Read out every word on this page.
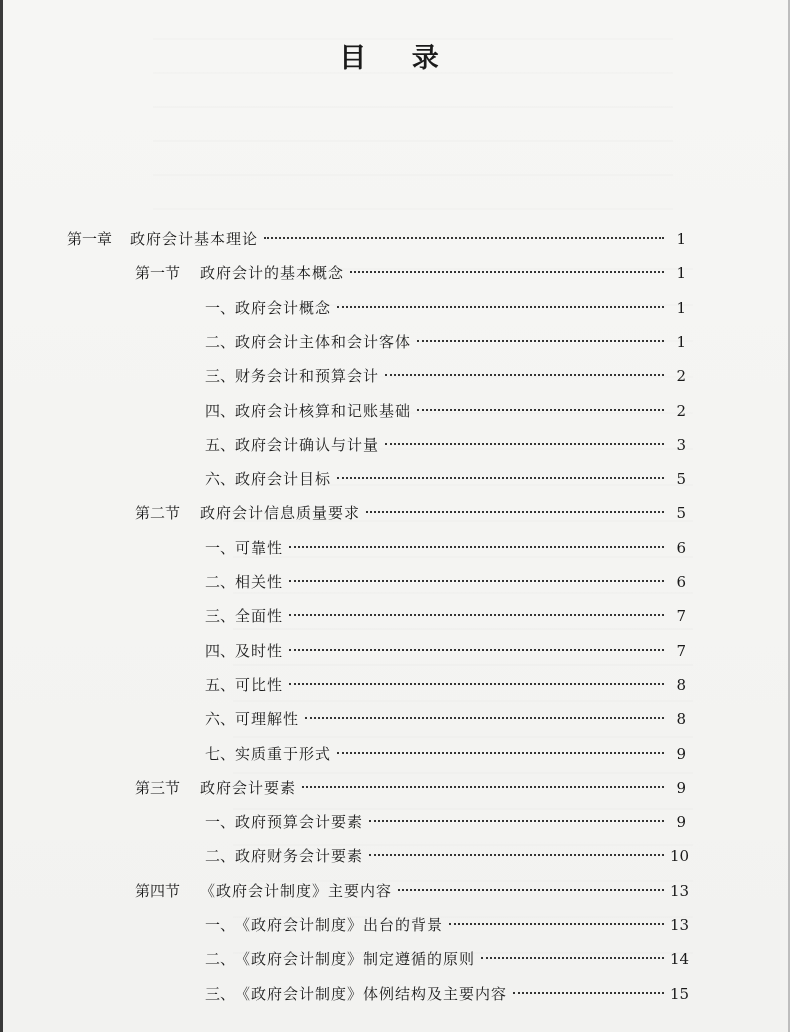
目 录
第一章 政府会计基本理论	1
第一节 政府会计的基本概念	1
一、 政府会计概念	1
二、 政府会计主体和会计客体	1
三、 财务会计和预算会计	2
四、 政府会计核算和记账基础	2
五、 政府会计确认与计量	3
六、 政府会计目标	5
第二节 政府会计信息质量要求	5
一、 可靠性	6
二、 相关性	6
三、 全面性	7
四、 及时性	7
五、 可比性	8
六、 可理解性	8
七、 实质重于形式	9
第三节 政府会计要素	9
一、 政府预算会计要素	9
二、 政府财务会计要素	10
第四节 《政府会计制度》主要内容	13
一、 《政府会计制度》出台的背景	13
二、 《政府会计制度》制定遵循的原则	14
三、 《政府会计制度》体例结构及主要内容	15
